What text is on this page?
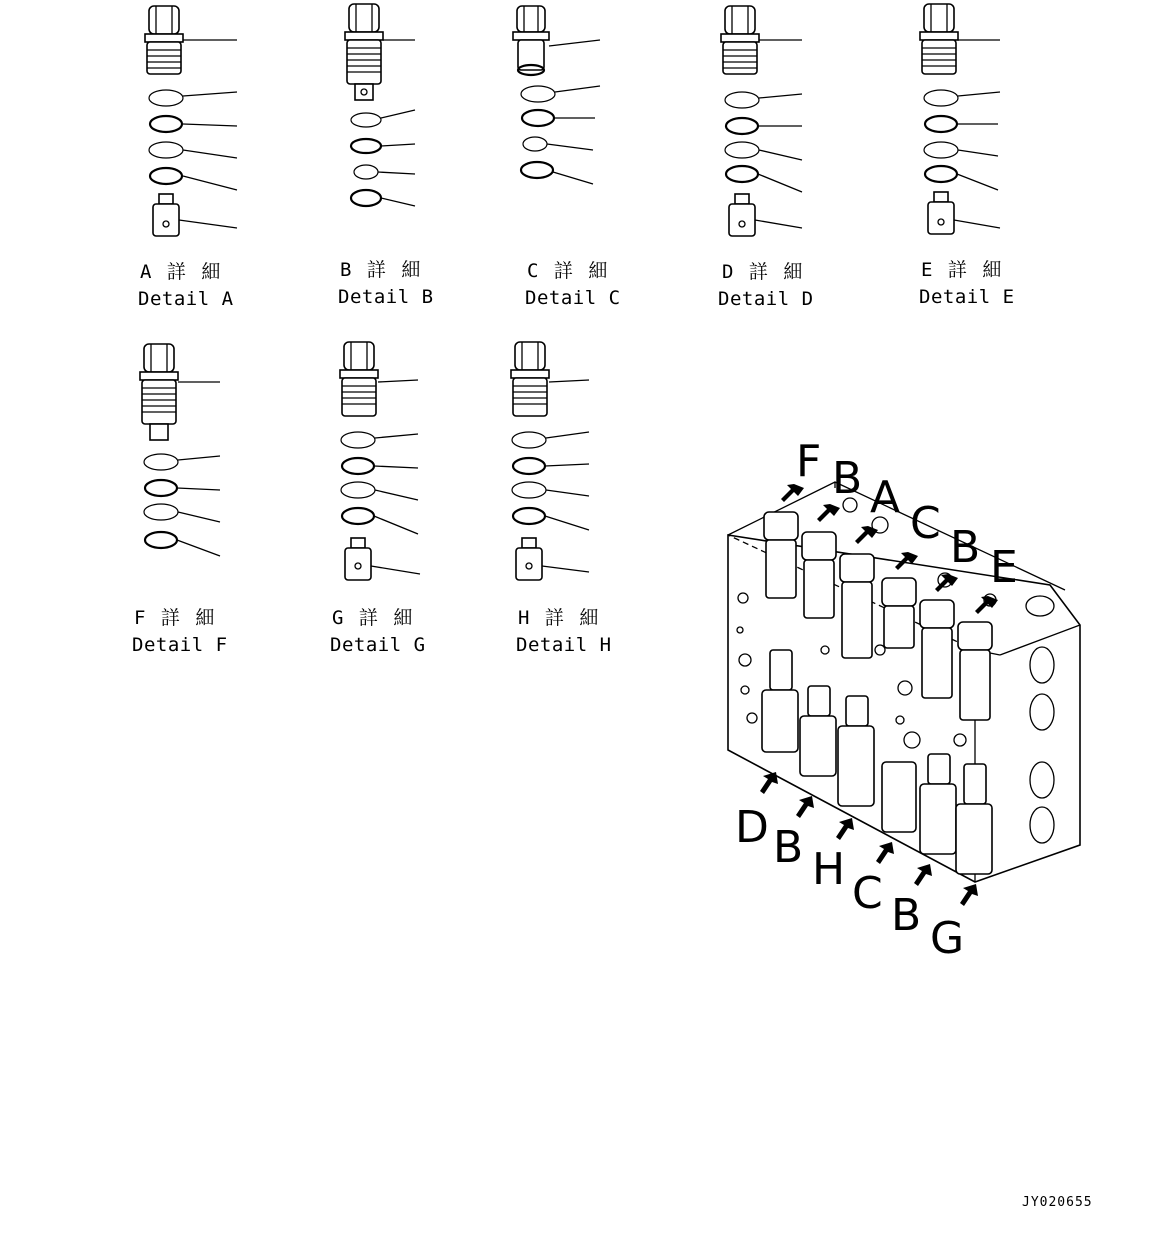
A 詳 細
Detail A
B 詳 細
Detail B
C 詳 細
Detail C
D 詳 細
Detail D
E 詳 細
Detail E
F 詳 細
Detail F
G 詳 細
Detail G
H 詳 細
Detail H
F B A
C B E
D B H C B G
JY020655
